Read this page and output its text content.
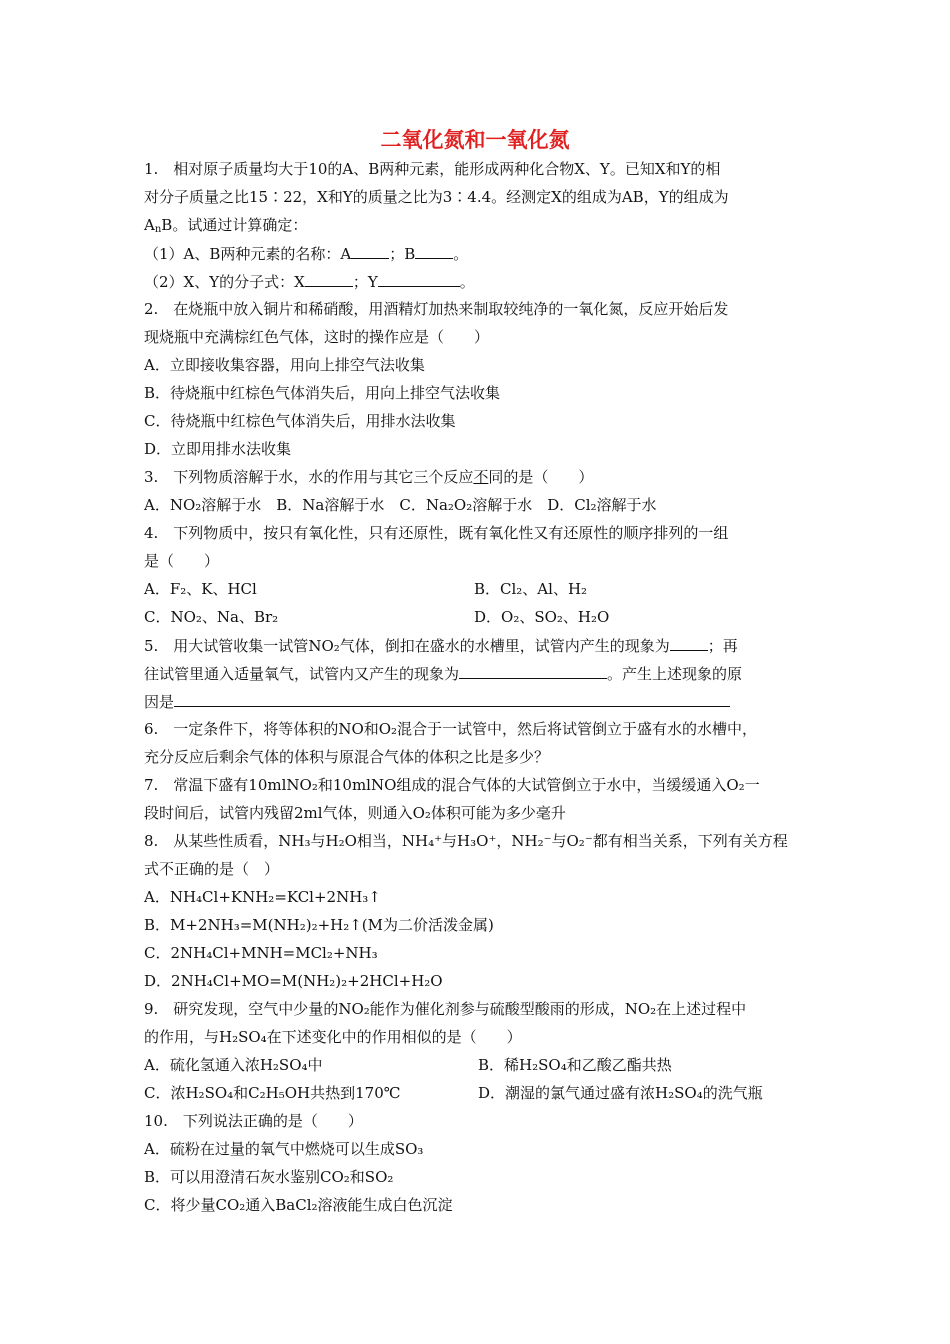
二氧化氮和一氧化氮
1.　相对原子质量均大于10的A、B两种元素，能形成两种化合物X、Y。已知X和Y的相
对分子质量之比15∶22，X和Y的质量之比为3∶4.4。经测定X的组成为AB，Y的组成为
$A_nB$。试通过计算确定：
（1）A、B两种元素的名称：A	；B	。
（2）X、Y的分子式：X	；Y	。
2.　在烧瓶中放入铜片和稀硝酸，用酒精灯加热来制取较纯净的一氧化氮，反应开始后发
现烧瓶中充满棕红色气体，这时的操作应是（　　）
A．立即接收集容器，用向上排空气法收集
B．待烧瓶中红棕色气体消失后，用向上排空气法收集
C．待烧瓶中红棕色气体消失后，用排水法收集
D．立即用排水法收集
3.　下列物质溶解于水，水的作用与其它三个反应不同的是（　　）
A．NO₂溶解于水　B．Na溶解于水　C．Na₂O₂溶解于水　D．Cl₂溶解于水
4.　下列物质中，按只有氧化性，只有还原性，既有氧化性又有还原性的顺序排列的一组
是（　　）
A．F₂、K、HCl	B．Cl₂、Al、H₂
C．NO₂、Na、Br₂	D．O₂、SO₂、H₂O
5.　用大试管收集一试管NO₂气体，倒扣在盛水的水槽里，试管内产生的现象为	；再
往试管里通入适量氧气，试管内又产生的现象为	。产生上述现象的原
因是
6.　一定条件下，将等体积的NO和O₂混合于一试管中，然后将试管倒立于盛有水的水槽中，
充分反应后剩余气体的体积与原混合气体的体积之比是多少？
7.　常温下盛有10mlNO₂和10mlNO组成的混合气体的大试管倒立于水中，当缓缓通入O₂一
段时间后，试管内残留2ml气体，则通入O₂体积可能为多少毫升
8.　从某些性质看，NH₃与H₂O相当，NH₄⁺与H₃O⁺，NH₂⁻与O₂⁻都有相当关系，下列有关方程
式不正确的是（　）
A．NH₄Cl+KNH₂=KCl+2NH₃↑
B．M+2NH₃=M(NH₂)₂+H₂↑(M为二价活泼金属)
C．2NH₄Cl+MNH=MCl₂+NH₃
D．2NH₄Cl+MO=M(NH₂)₂+2HCl+H₂O
9.　研究发现，空气中少量的NO₂能作为催化剂参与硫酸型酸雨的形成，NO₂在上述过程中
的作用，与H₂SO₄在下述变化中的作用相似的是（　　）
A．硫化氢通入浓H₂SO₄中	B．稀H₂SO₄和乙酸乙酯共热
C．浓H₂SO₄和C₂H₅OH共热到170℃	D．潮湿的氯气通过盛有浓H₂SO₄的洗气瓶
10.　下列说法正确的是（　　）
A．硫粉在过量的氧气中燃烧可以生成SO₃
B．可以用澄清石灰水鉴别CO₂和SO₂
C．将少量CO₂通入BaCl₂溶液能生成白色沉淀
